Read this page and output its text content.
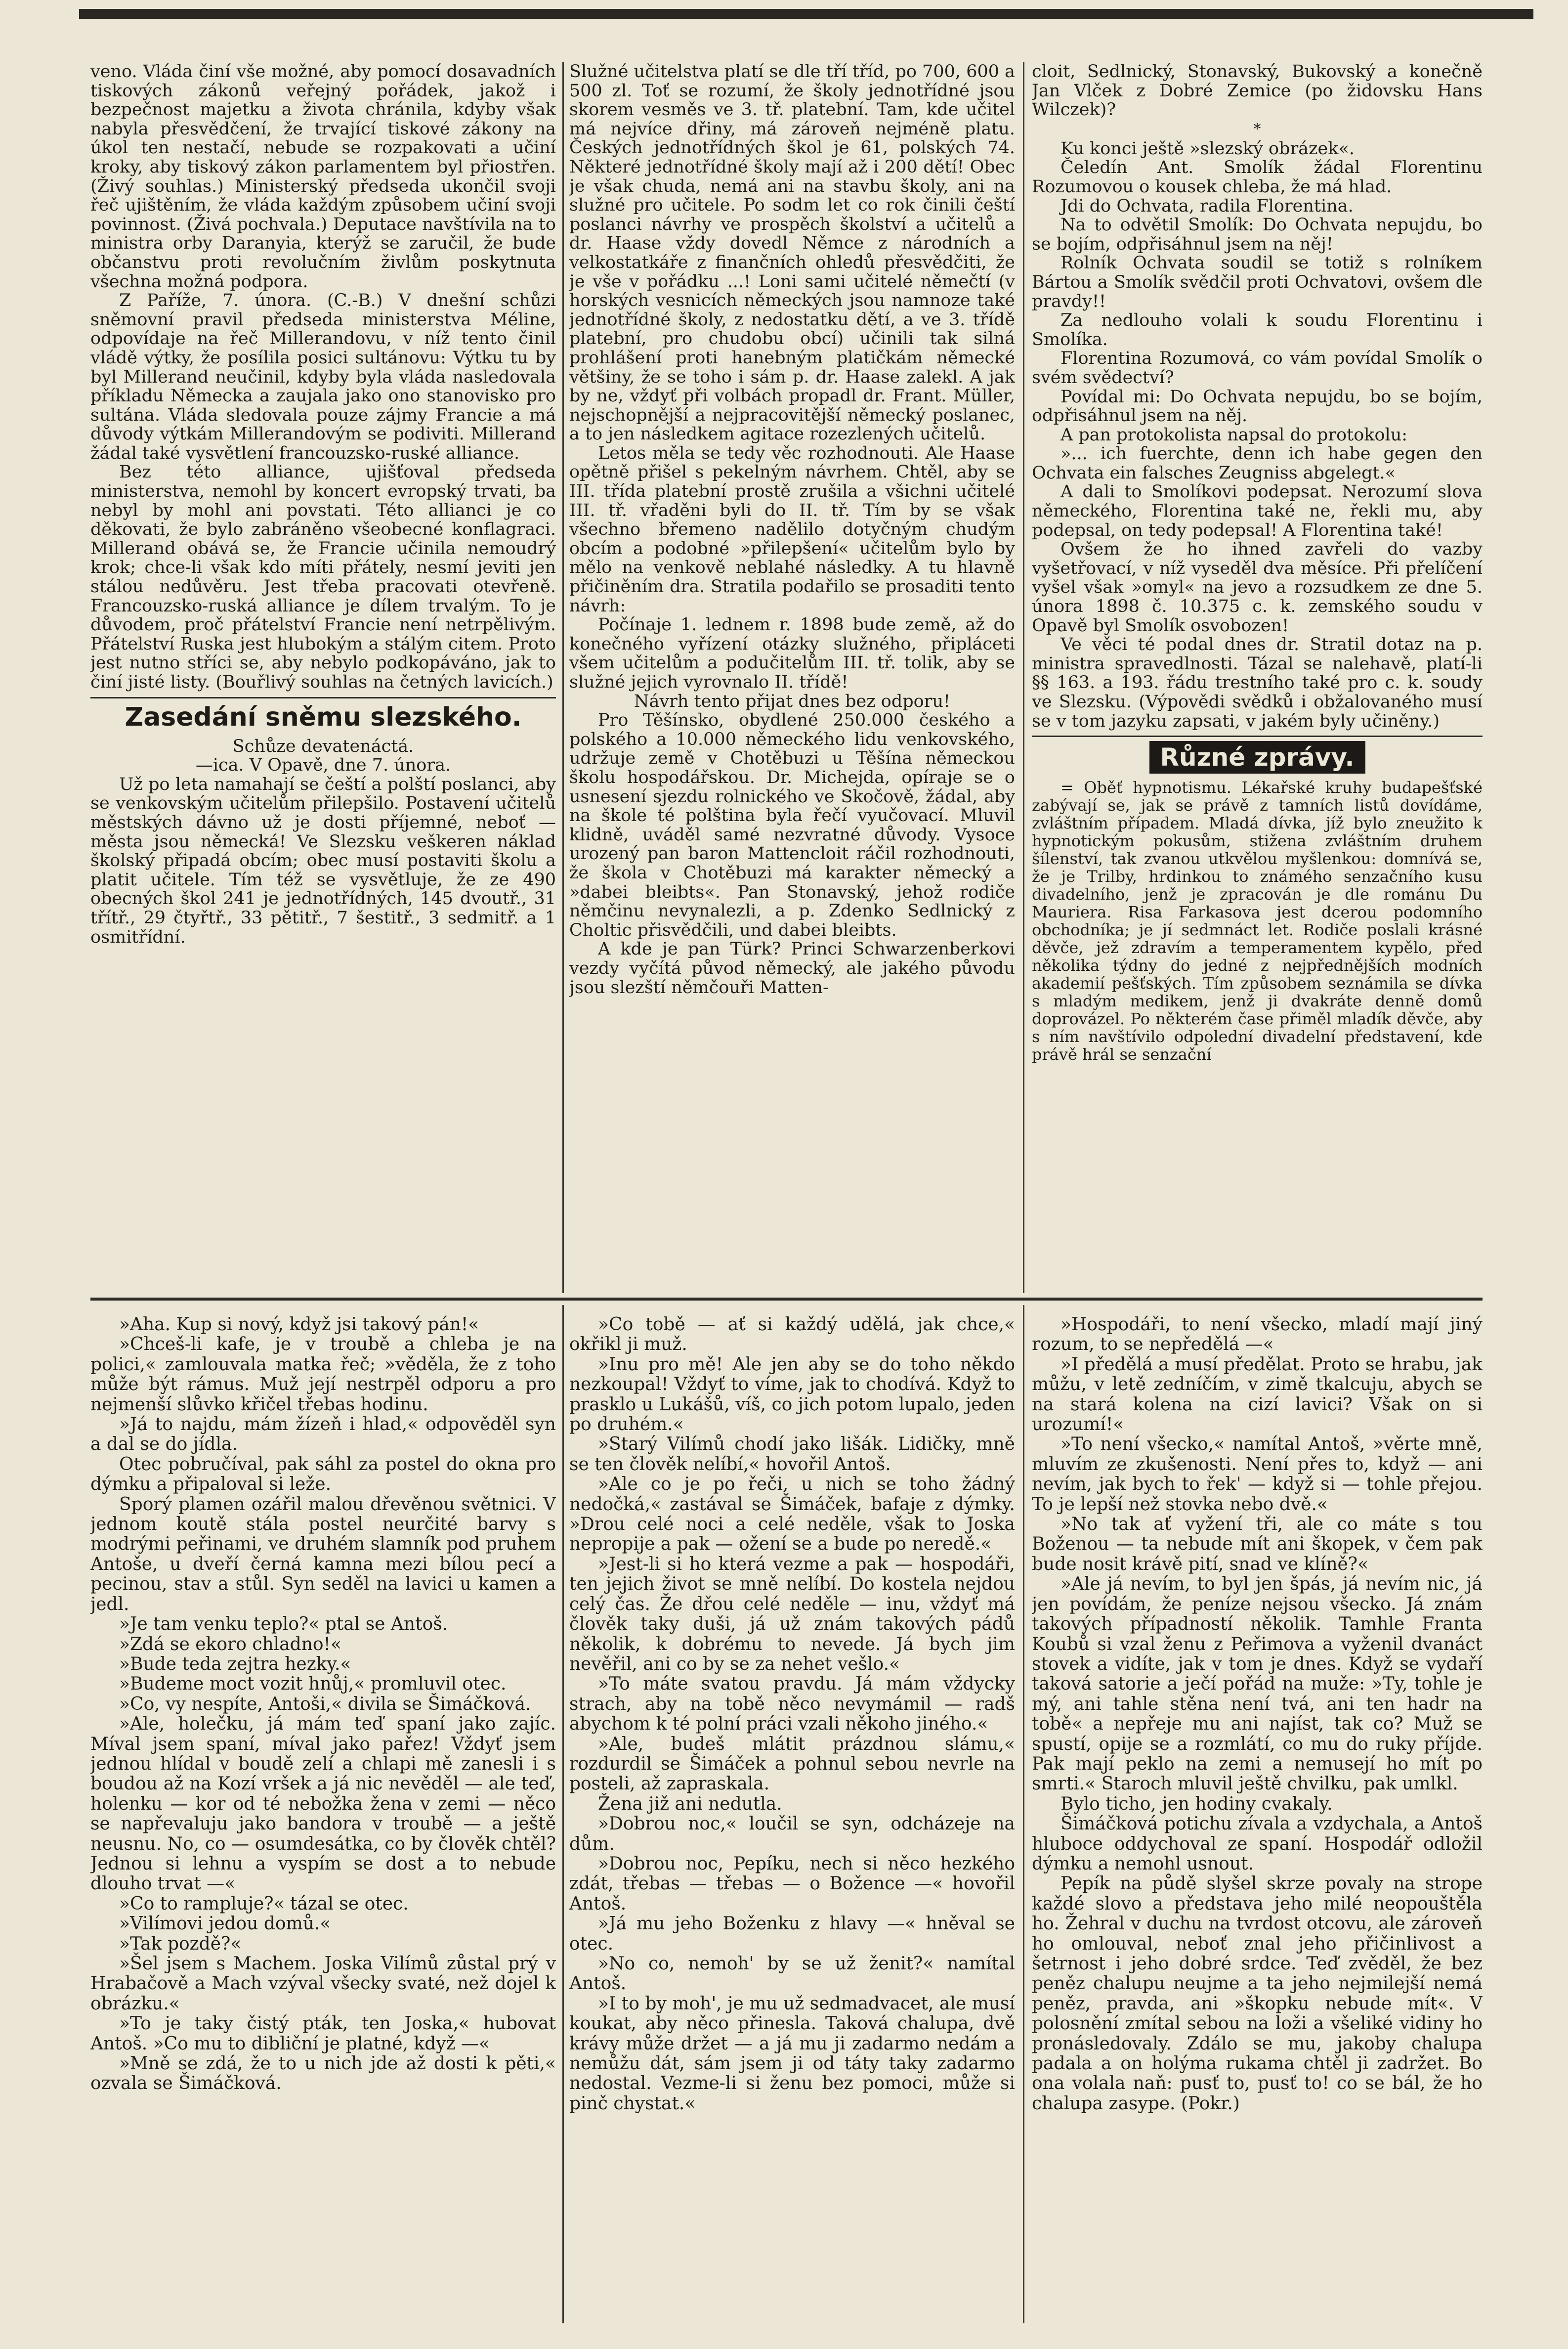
veno. Vláda činí vše možné, aby pomocí dosavadních tiskových zákonů veřejný pořádek, jakož i bezpečnost majetku a života chránila, kdyby však nabyla přesvědčení, že trvající tiskové zákony na úkol ten nestačí, nebude se rozpakovati a učiní kroky, aby tiskový zákon parlamentem byl přiostřen. (Živý souhlas.) Ministerský předseda ukončil svoji řeč ujištěním, že vláda každým způsobem učiní svoji povinnost. (Živá pochvala.) Deputace navštívila na to ministra orby Daranyia, kterýž se zaručil, že bude občanstvu proti revolučním živlům poskytnuta všechna možná podpora.

Z Paříže, 7. února. (C.-B.) V dnešní schůzi sněmovní pravil předseda ministerstva Méline, odpovídaje na řeč Millerandovu, v níž tento činil vládě výtky, že posílila posici sultánovu: Výtku tu by byl Millerand neučinil, kdyby byla vláda nasledovala příkladu Německa a zaujala jako ono stanovisko pro sultána. Vláda sledovala pouze zájmy Francie a má důvody výtkám Millerandovým se podiviti. Millerand žádal také vysvětlení francouzsko-ruské alliance.

Bez této alliance, ujišťoval předseda ministerstva, nemohl by koncert evropský trvati, ba nebyl by mohl ani povstati. Této allianci je co děkovati, že bylo zabráněno všeobecné konflagraci. Millerand obává se, že Francie učinila nemoudrý krok; chce-li však kdo míti přátely, nesmí jeviti jen stálou nedůvěru. Jest třeba pracovati otevřeně. Francouzsko-ruská alliance je dílem trvalým. To je důvodem, proč přátelství Francie není netrpělivým. Přátelství Ruska jest hlubokým a stálým citem. Proto jest nutno stříci se, aby nebylo podkopáváno, jak to činí jisté listy. (Bouřlivý souhlas na četných lavicích.)

Zasedání sněmu slezského.

Schůze devatenáctá.

—ica. V Opavě, dne 7. února.

Už po leta namahají se čeští a polští poslanci, aby se venkovským učitelům přilepšilo. Postavení učitelů městských dávno už je dosti příjemné, neboť — města jsou německá! Ve Slezsku veškeren náklad školský připadá obcím; obec musí postaviti školu a platit učitele. Tím též se vysvětluje, že ze 490 obecných škol 241 je jednotřídných, 145 dvoutř., 31 třítř., 29 čtyřtř., 33 pětitř., 7 šestitř., 3 sedmitř. a 1 osmitřídní.

Služné učitelstva platí se dle tří tříd, po 700, 600 a 500 zl. Toť se rozumí, že školy jednotřídné jsou skorem vesměs ve 3. tř. platební. Tam, kde učitel má nejvíce dřiny, má zároveň nejméně platu. Českých jednotřídných škol je 61, polských 74. Některé jednotřídné školy mají až i 200 dětí! Obec je však chuda, nemá ani na stavbu školy, ani na služné pro učitele. Po sodm let co rok činili čeští poslanci návrhy ve prospěch školství a učitelů a dr. Haase vždy dovedl Němce z národních a velkostatkáře z finančních ohledů přesvědčiti, že je vše v pořádku ...! Loni sami učitelé němečtí (v horských vesnicích německých jsou namnoze také jednotřídné školy, z nedostatku dětí, a ve 3. třídě platební, pro chudobu obcí) učinili tak silná prohlášení proti hanebným platičkám německé většiny, že se toho i sám p. dr. Haase zalekl. A jak by ne, vždyť při volbách propadl dr. Frant. Müller, nejschopnější a nejpracovitější německý poslanec, a to jen následkem agitace rozezlených učitelů.

Letos měla se tedy věc rozhodnouti. Ale Haase opětně přišel s pekelným návrhem. Chtěl, aby se III. třída platební prostě zrušila a všichni učitelé III. tř. vřaděni byli do II. tř. Tím by se však všechno břemeno nadělilo dotyčným chudým obcím a podobné »přilepšení« učitelům bylo by mělo na venkově neblahé následky. A tu hlavně přičiněním dra. Stratila podařilo se prosaditi tento návrh:

Počínaje 1. lednem r. 1898 bude země, až do konečného vyřízení otázky služného, připláceti všem učitelům a podučitelům III. tř. tolik, aby se služné jejich vyrovnalo II. třídě!

Návrh tento přijat dnes bez odporu!

Pro Těšínsko, obydlené 250.000 českého a polského a 10.000 německého lidu venkovského, udržuje země v Chotěbuzi u Těšína německou školu hospodářskou. Dr. Michejda, opíraje se o usnesení sjezdu rolnického ve Skočově, žádal, aby na škole té polština byla řečí vyučovací. Mluvil klidně, uváděl samé nezvratné důvody. Vysoce urozený pan baron Mattencloit ráčil rozhodnouti, že škola v Chotěbuzi má karakter německý a »dabei bleibts«. Pan Stonavský, jehož rodiče němčinu nevynalezli, a p. Zdenko Sedlnický z Choltic přisvědčili, und dabei bleibts.

A kde je pan Türk? Princi Schwarzenberkovi vezdy vyčítá původ německý, ale jakého původu jsou slezští němčouři Matten-

cloit, Sedlnický, Stonavský, Bukovský a konečně Jan Vlček z Dobré Zemice (po židovsku Hans Wilczek)?

*

Ku konci ještě »slezský obrázek«.

Čeledín Ant. Smolík žádal Florentinu Rozumovou o kousek chleba, že má hlad.

Jdi do Ochvata, radila Florentina.

Na to odvětil Smolík: Do Ochvata nepujdu, bo se bojím, odpřisáhnul jsem na něj!

Rolník Ochvata soudil se totiž s rolníkem Bártou a Smolík svědčil proti Ochvatovi, ovšem dle pravdy!!

Za nedlouho volali k soudu Florentinu i Smolíka.

Florentina Rozumová, co vám povídal Smolík o svém svědectví?

Povídal mi: Do Ochvata nepujdu, bo se bojím, odpřisáhnul jsem na něj.

A pan protokolista napsal do protokolu:

»... ich fuerchte, denn ich habe gegen den Ochvata ein falsches Zeugniss abgelegt.«

A dali to Smolíkovi podepsat. Nerozumí slova německého, Florentina také ne, řekli mu, aby podepsal, on tedy podepsal! A Florentina také!

Ovšem že ho ihned zavřeli do vazby vyšetřovací, v níž vyseděl dva měsíce. Při přelíčení vyšel však »omyl« na jevo a rozsudkem ze dne 5. února 1898 č. 10.375 c. k. zemského soudu v Opavě byl Smolík osvobozen!

Ve věci té podal dnes dr. Stratil dotaz na p. ministra spravedlnosti. Tázal se nalehavě, platí-li §§ 163. a 193. řádu trestního také pro c. k. soudy ve Slezsku. (Výpovědi svědků i obžalovaného musí se v tom jazyku zapsati, v jakém byly učiněny.)

Různé zprávy.

= Oběť hypnotismu. Lékařské kruhy budapešťské zabývají se, jak se právě z tamních listů dovídáme, zvláštním případem. Mladá dívka, jíž bylo zneužito k hypnotickým pokusům, stižena zvláštním druhem šílenství, tak zvanou utkvělou myšlenkou: domnívá se, že je Trilby, hrdinkou to známého senzačního kusu divadelního, jenž je zpracován je dle románu Du Mauriera. Risa Farkasova jest dcerou podomního obchodníka; je jí sedmnáct let. Rodiče poslali krásné děvče, jež zdravím a temperamentem kypělo, před několika týdny do jedné z nejpřednějších modních akademií pešťských. Tím způsobem seznámila se dívka s mladým medikem, jenž ji dvakráte denně domů doprovázel. Po některém čase přiměl mladík děvče, aby s ním navštívilo odpolední divadelní představení, kde právě hrál se senzační

»Aha. Kup si nový, když jsi takový pán!«

»Chceš-li kafe, je v troubě a chleba je na polici,« zamlouvala matka řeč; »věděla, že z toho může být rámus. Muž její nestrpěl odporu a pro nejmenší slůvko křičel třebas hodinu.

»Já to najdu, mám žízeň i hlad,« odpověděl syn a dal se do jídla.

Otec pobručíval, pak sáhl za postel do okna pro dýmku a připaloval si leže.

Sporý plamen ozářil malou dřevěnou světnici. V jednom koutě stála postel neurčité barvy s modrými peřinami, ve druhém slamník pod pruhem Antoše, u dveří černá kamna mezi bílou pecí a pecinou, stav a stůl. Syn seděl na lavici u kamen a jedl.

»Je tam venku teplo?« ptal se Antoš.

»Zdá se ekoro chladno!«

»Bude teda zejtra hezky.«

»Budeme moct vozit hnůj,« promluvil otec.

»Co, vy nespíte, Antoši,« divila se Šimáčková.

»Ale, holečku, já mám teď spaní jako zajíc. Míval jsem spaní, míval jako pařez! Vždyť jsem jednou hlídal v boudě zelí a chlapi mě zanesli i s boudou až na Kozí vršek a já nic nevěděl — ale teď, holenku — kor od té nebožka žena v zemi — něco se napřevaluju jako bandora v troubě — a ještě neusnu. No, co — osumdesátka, co by člověk chtěl? Jednou si lehnu a vyspím se dost a to nebude dlouho trvat —«

»Co to rampluje?« tázal se otec.

»Vilímovi jedou domů.«

»Tak pozdě?«

»Šel jsem s Machem. Joska Vilímů zůstal prý v Hrabačově a Mach vzýval všecky svaté, než dojel k obrázku.«

»To je taky čistý pták, ten Joska,« hubovat Antoš. »Co mu to dibliční je platné, když —«

»Mně se zdá, že to u nich jde až dosti k pěti,« ozvala se Šimáčková.

»Co tobě — ať si každý udělá, jak chce,« okřikl ji muž.

»Inu pro mě! Ale jen aby se do toho někdo nezkoupal! Vždyť to víme, jak to chodívá. Když to prasklo u Lukášů, víš, co jich potom lupalo, jeden po druhém.«

»Starý Vilímů chodí jako lišák. Lidičky, mně se ten člověk nelíbí,« hovořil Antoš.

»Ale co je po řeči, u nich se toho žádný nedočká,« zastával se Šimáček, bafaje z dýmky. »Drou celé noci a celé neděle, však to Joska nepropije a pak — ožení se a bude po neredě.«

»Jest-li si ho která vezme a pak — hospodáři, ten jejich život se mně nelíbí. Do kostela nejdou celý čas. Že dřou celé neděle — inu, vždyť má člověk taky duši, já už znám takových pádů několik, k dobrému to nevede. Já bych jim nevěřil, ani co by se za nehet vešlo.«

»To máte svatou pravdu. Já mám vždycky strach, aby na tobě něco nevymámil — radš abychom k té polní práci vzali někoho jiného.«

»Ale, budeš mlátit prázdnou slámu,« rozdurdil se Šimáček a pohnul sebou nevrle na posteli, až zapraskala.

Žena již ani nedutla.

»Dobrou noc,« loučil se syn, odcházeje na dům.

»Dobrou noc, Pepíku, nech si něco hezkého zdát, třebas — třebas — o Božence —« hovořil Antoš.

»Já mu jeho Boženku z hlavy —« hněval se otec.

»No co, nemoh' by se už ženit?« namítal Antoš.

»I to by moh', je mu už sedmadvacet, ale musí koukat, aby něco přinesla. Taková chalupa, dvě krávy může držet — a já mu ji zadarmo nedám a nemůžu dát, sám jsem ji od táty taky zadarmo nedostal. Vezme-li si ženu bez pomoci, může si pinč chystat.«

»Hospodáři, to není všecko, mladí mají jiný rozum, to se nepředělá —«

»I předělá a musí předělat. Proto se hrabu, jak můžu, v letě zedníčím, v zimě tkalcuju, abych se na stará kolena na cizí lavici? Však on si urozumí!«

»To není všecko,« namítal Antoš, »věrte mně, mluvím ze zkušenosti. Není přes to, když — ani nevím, jak bych to řek' — když si — tohle přejou. To je lepší než stovka nebo dvě.«

»No tak ať vyžení tři, ale co máte s tou Boženou — ta nebude mít ani škopek, v čem pak bude nosit krávě pití, snad ve klíně?«

»Ale já nevím, to byl jen špás, já nevím nic, já jen povídám, že peníze nejsou všecko. Já znám takových případností několik. Tamhle Franta Koubů si vzal ženu z Peřimova a vyženil dvanáct stovek a vidíte, jak v tom je dnes. Když se vydaří taková satorie a ječí pořád na muže: »Ty, tohle je mý, ani tahle stěna není tvá, ani ten hadr na tobě« a nepřeje mu ani najíst, tak co? Muž se spustí, opije se a rozmlátí, co mu do ruky příjde. Pak mají peklo na zemi a nemusejí ho mít po smrti.« Staroch mluvil ještě chvilku, pak umlkl.

Bylo ticho, jen hodiny cvakaly.

Šimáčková potichu zívala a vzdychala, a Antoš hluboce oddychoval ze spaní. Hospodář odložil dýmku a nemohl usnout.

Pepík na půdě slyšel skrze povaly na strope každé slovo a představa jeho milé neopouštěla ho. Žehral v duchu na tvrdost otcovu, ale zároveň ho omlouval, neboť znal jeho přičinlivost a šetrnost i jeho dobré srdce. Teď zvěděl, že bez peněz chalupu neujme a ta jeho nejmilejší nemá peněz, pravda, ani »škopku nebude mít«. V polosnění zmítal sebou na loži a všeliké vidiny ho pronásledovaly. Zdálo se mu, jakoby chalupa padala a on holýma rukama chtěl ji zadržet. Bo ona volala naň: pusť to, pusť to! co se bál, že ho chalupa zasype. (Pokr.)
